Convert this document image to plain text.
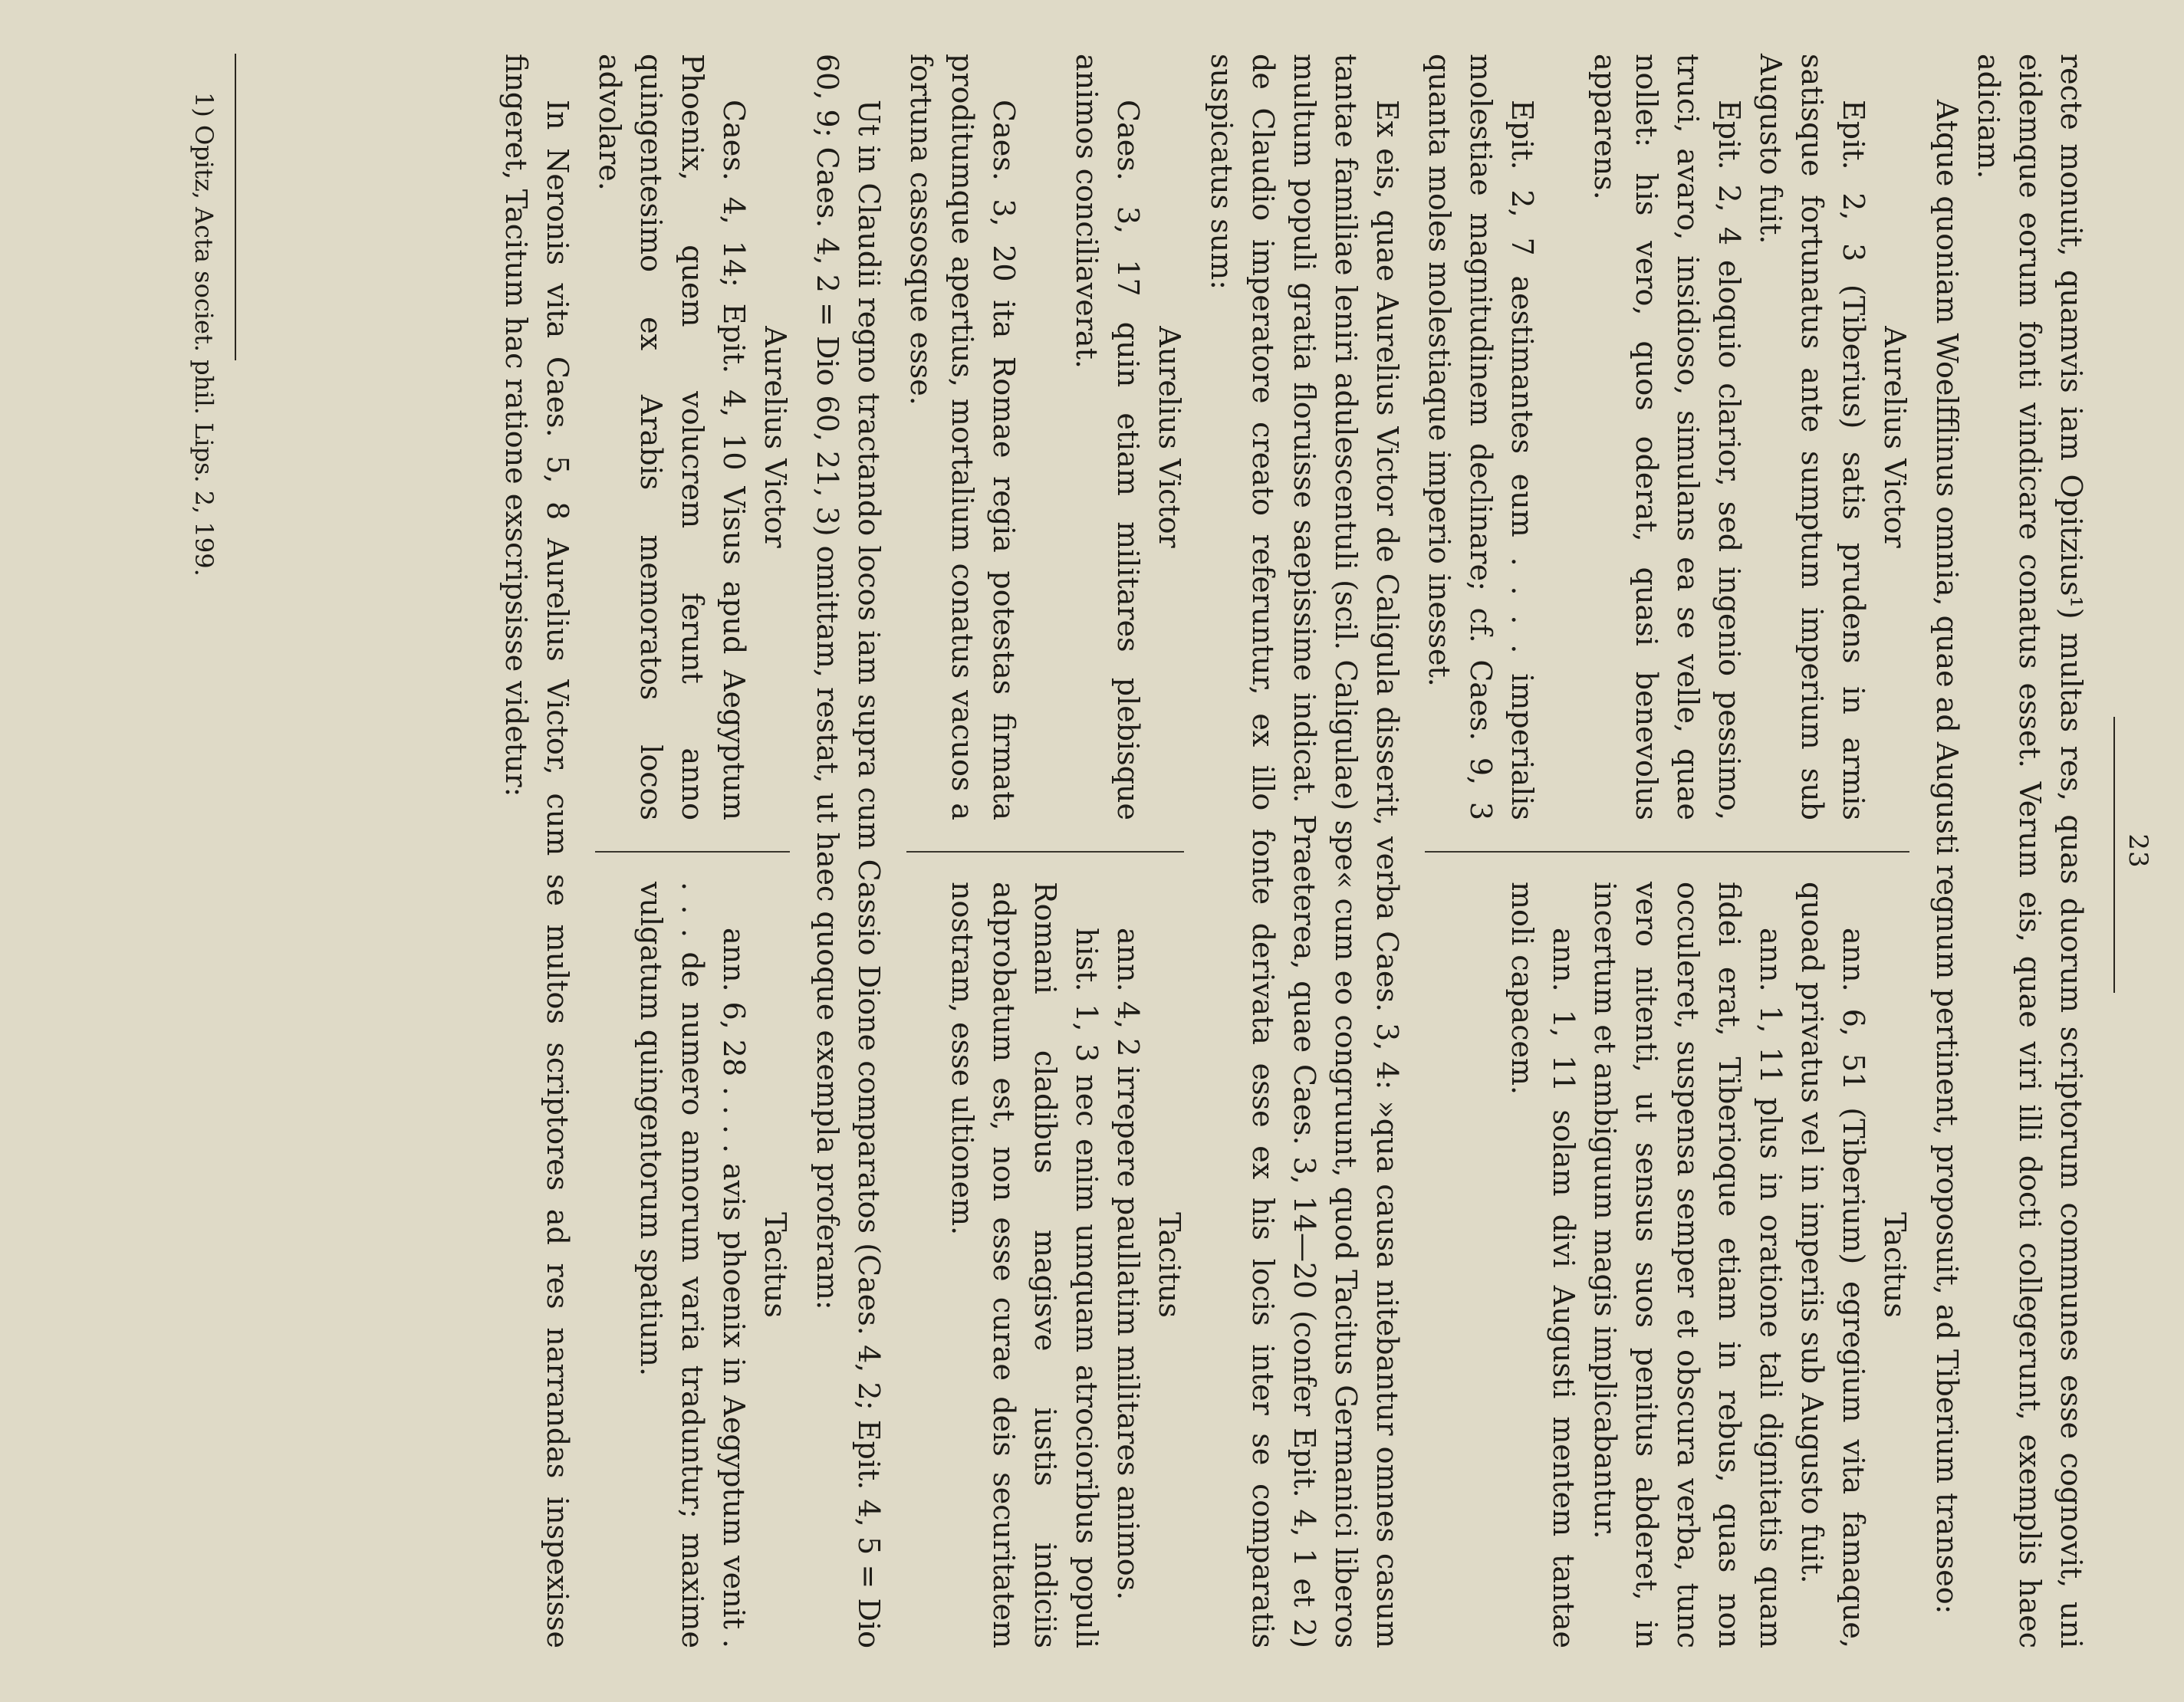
23

recte monuit, quamvis iam Opitzius¹) multas res, quas duorum scriptorum communes esse cognovit, uni eidemque eorum fonti vindicare conatus esset. Verum eis, quae viri illi docti collegerunt, exemplis haec adiciam.

Atque quoniam Woelfflinus omnia, quae ad Augusti regnum pertinent, proposuit, ad Tiberium transeo:

Aurelius Victor

Epit. 2, 3 (Tiberius) satis prudens in armis satisque fortunatus ante sumptum imperium sub Augusto fuit.

Epit. 2, 4 eloquio clarior, sed ingenio pessimo, truci, avaro, insidioso, simulans ea se velle, quae nollet: his vero, quos oderat, quasi benevolus apparens.

Epit. 2, 7 aestimantes eum . . . . imperialis molestiae magnitudinem declinare; cf. Caes. 9, 3 quanta moles molestiaque imperio inesset.

Tacitus

ann. 6, 51 (Tiberium) egregium vita famaque, quoad privatus vel in imperiis sub Augusto fuit.

ann. 1, 11 plus in oratione tali dignitatis quam fidei erat, Tiberioque etiam in rebus, quas non occuleret, suspensa semper et obscura verba, tunc vero nitenti, ut sensus suos penitus abderet, in incertum et ambiguum magis implicabantur.

ann. 1, 11 solam divi Augusti mentem tantae moli capacem.

Ex eis, quae Aurelius Victor de Caligula disserit, verba Caes. 3, 4: »qua causa nitebantur omnes casum tantae familiae leniri adulescentuli (scil. Caligulae) spe« cum eo congruunt, quod Tacitus Germanici liberos multum populi gratia floruisse saepissime indicat. Praeterea, quae Caes. 3, 14—20 (confer Epit. 4, 1 et 2) de Claudio imperatore creato referuntur, ex illo fonte derivata esse ex his locis inter se comparatis suspicatus sum:

Aurelius Victor

Caes. 3, 17 quin etiam militares plebisque animos conciliaverat.

Caes. 3, 20 ita Romae regia potestas firmata proditumque apertius, mortalium conatus vacuos a fortuna cassosque esse.

Tacitus

ann. 4, 2 irrepere paullatim militares animos.

hist. 1, 3 nec enim umquam atrocioribus populi Romani cladibus magisve iustis indiciis adprobatum est, non esse curae deis securitatem nostram, esse ultionem.

Ut in Claudii regno tractando locos iam supra cum Cassio Dione comparatos (Caes. 4, 2; Epit. 4, 5 = Dio 60, 9; Caes. 4, 2 = Dio 60, 21, 3) omittam, restat, ut haec quoque exempla proferam:

Aurelius Victor

Caes. 4, 14; Epit. 4, 10 Visus apud Aegyptum Phoenix, quem volucrem ferunt anno quingentesimo ex Arabis memoratos locos advolare.

Tacitus

ann. 6, 28 . . . . avis phoenix in Aegyptum venit . . . . de numero annorum varia traduntur; maxime vulgatum quingentorum spatium.

In Neronis vita Caes. 5, 8 Aurelius Victor, cum se multos scriptores ad res narrandas inspexisse fingeret, Tacitum hac ratione exscripsisse videtur:

1) Opitz, Acta societ. phil. Lips. 2, 199.
